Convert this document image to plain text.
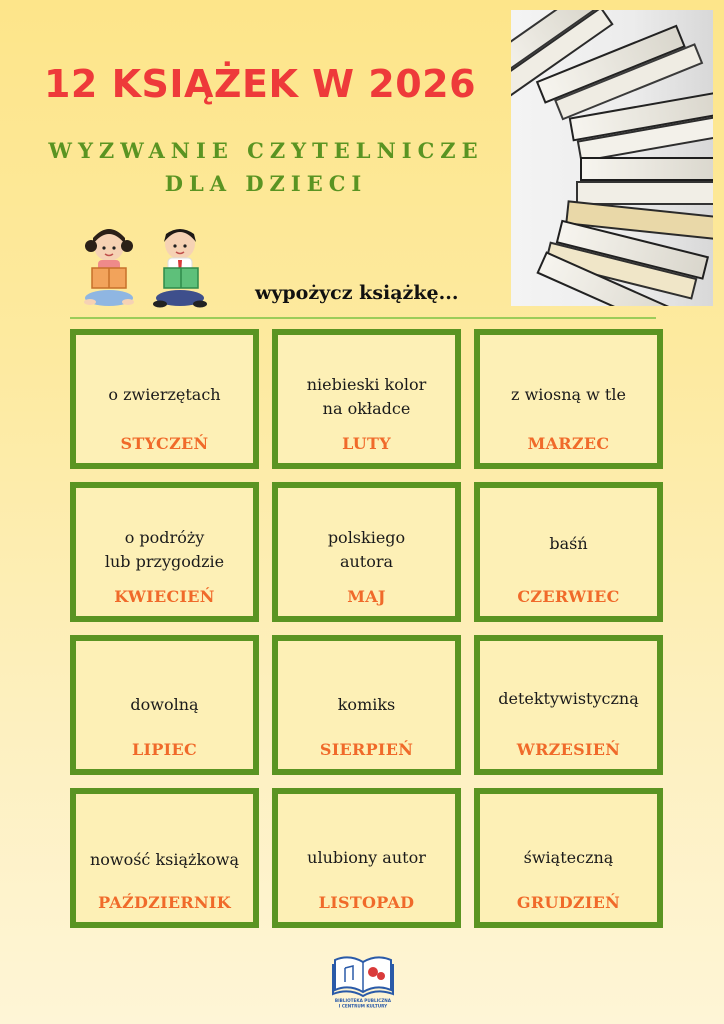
12 KSIĄŻEK W 2026
WYZWANIE CZYTELNICZE
DLA DZIECI
wypożycz książkę...
o zwierzętach
STYCZEŃ
niebieski kolor
na okładce
LUTY
z wiosną w tle
MARZEC
o podróży
lub przygodzie
KWIECIEŃ
polskiego
autora
MAJ
baśń
CZERWIEC
dowolną
LIPIEC
komiks
SIERPIEŃ
detektywistyczną
WRZESIEŃ
nowość książkową
PAŹDZIERNIK
ulubiony autor
LISTOPAD
świąteczną
GRUDZIEŃ
BIBLIOTEKA PUBLICZNA
I CENTRUM KULTURY
